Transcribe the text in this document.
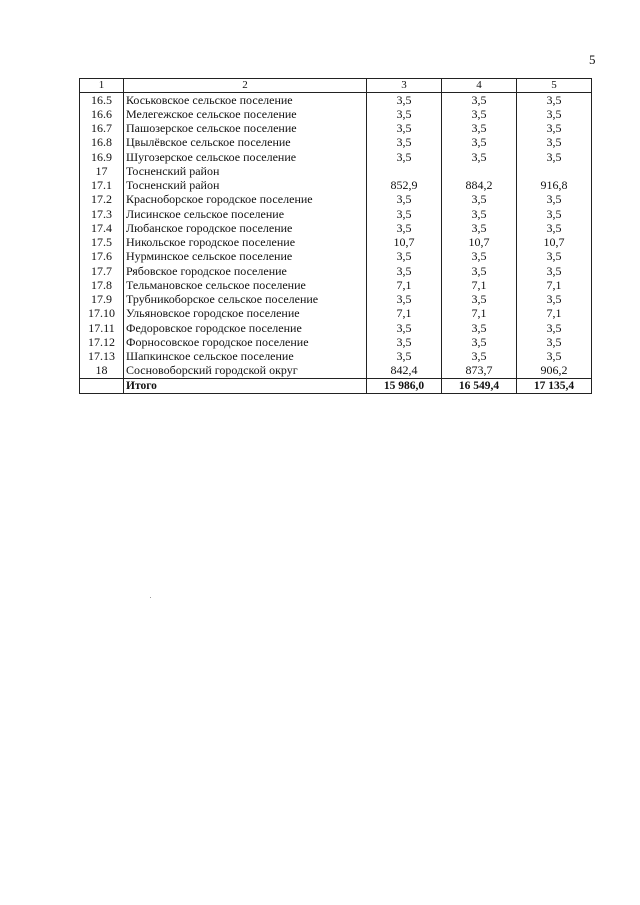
5
1	2	3	4	5
16.5	Коськовское сельское поселение	3,5	3,5	3,5
16.6	Мелегежское сельское поселение	3,5	3,5	3,5
16.7	Пашозерское сельское поселение	3,5	3,5	3,5
16.8	Цвылёвское сельское поселение	3,5	3,5	3,5
16.9	Шугозерское сельское поселение	3,5	3,5	3,5
17	Тосненский район			
17.1	Тосненский район	852,9	884,2	916,8
17.2	Красноборское городское поселение	3,5	3,5	3,5
17.3	Лисинское сельское поселение	3,5	3,5	3,5
17.4	Любанское городское поселение	3,5	3,5	3,5
17.5	Никольское городское поселение	10,7	10,7	10,7
17.6	Нурминское сельское поселение	3,5	3,5	3,5
17.7	Рябовское городское поселение	3,5	3,5	3,5
17.8	Тельмановское сельское поселение	7,1	7,1	7,1
17.9	Трубникоборское сельское поселение	3,5	3,5	3,5
17.10	Ульяновское городское поселение	7,1	7,1	7,1
17.11	Федоровское городское поселение	3,5	3,5	3,5
17.12	Форносовское городское поселение	3,5	3,5	3,5
17.13	Шапкинское сельское поселение	3,5	3,5	3,5
18	Сосновоборский городской округ	842,4	873,7	906,2
	Итого	15 986,0	16 549,4	17 135,4
